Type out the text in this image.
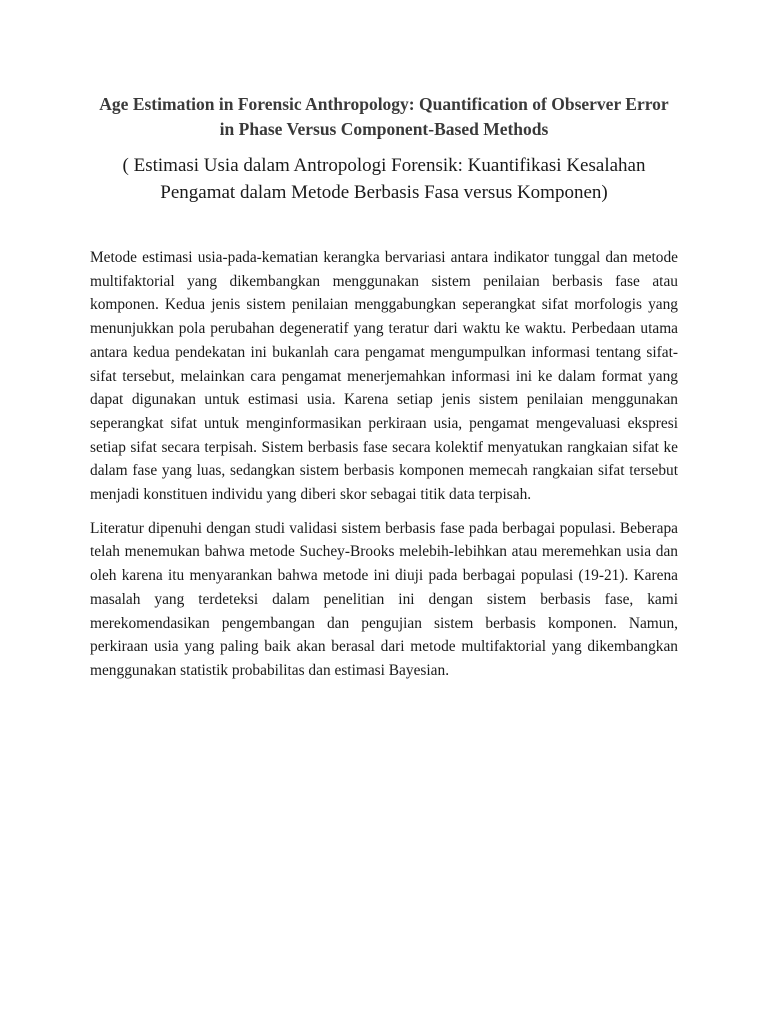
Age Estimation in Forensic Anthropology: Quantification of Observer Error in Phase Versus Component-Based Methods
( Estimasi Usia dalam Antropologi Forensik: Kuantifikasi Kesalahan Pengamat dalam Metode Berbasis Fasa versus Komponen)

Metode estimasi usia-pada-kematian kerangka bervariasi antara indikator tunggal dan metode multifaktorial yang dikembangkan menggunakan sistem penilaian berbasis fase atau komponen. Kedua jenis sistem penilaian menggabungkan seperangkat sifat morfologis yang menunjukkan pola perubahan degeneratif yang teratur dari waktu ke waktu. Perbedaan utama antara kedua pendekatan ini bukanlah cara pengamat mengumpulkan informasi tentang sifat-sifat tersebut, melainkan cara pengamat menerjemahkan informasi ini ke dalam format yang dapat digunakan untuk estimasi usia. Karena setiap jenis sistem penilaian menggunakan seperangkat sifat untuk menginformasikan perkiraan usia, pengamat mengevaluasi ekspresi setiap sifat secara terpisah. Sistem berbasis fase secara kolektif menyatukan rangkaian sifat ke dalam fase yang luas, sedangkan sistem berbasis komponen memecah rangkaian sifat tersebut menjadi konstituen individu yang diberi skor sebagai titik data terpisah.

Literatur dipenuhi dengan studi validasi sistem berbasis fase pada berbagai populasi. Beberapa telah menemukan bahwa metode Suchey-Brooks melebih-lebihkan atau meremehkan usia dan oleh karena itu menyarankan bahwa metode ini diuji pada berbagai populasi (19-21). Karena masalah yang terdeteksi dalam penelitian ini dengan sistem berbasis fase, kami merekomendasikan pengembangan dan pengujian sistem berbasis komponen. Namun, perkiraan usia yang paling baik akan berasal dari metode multifaktorial yang dikembangkan menggunakan statistik probabilitas dan estimasi Bayesian.
